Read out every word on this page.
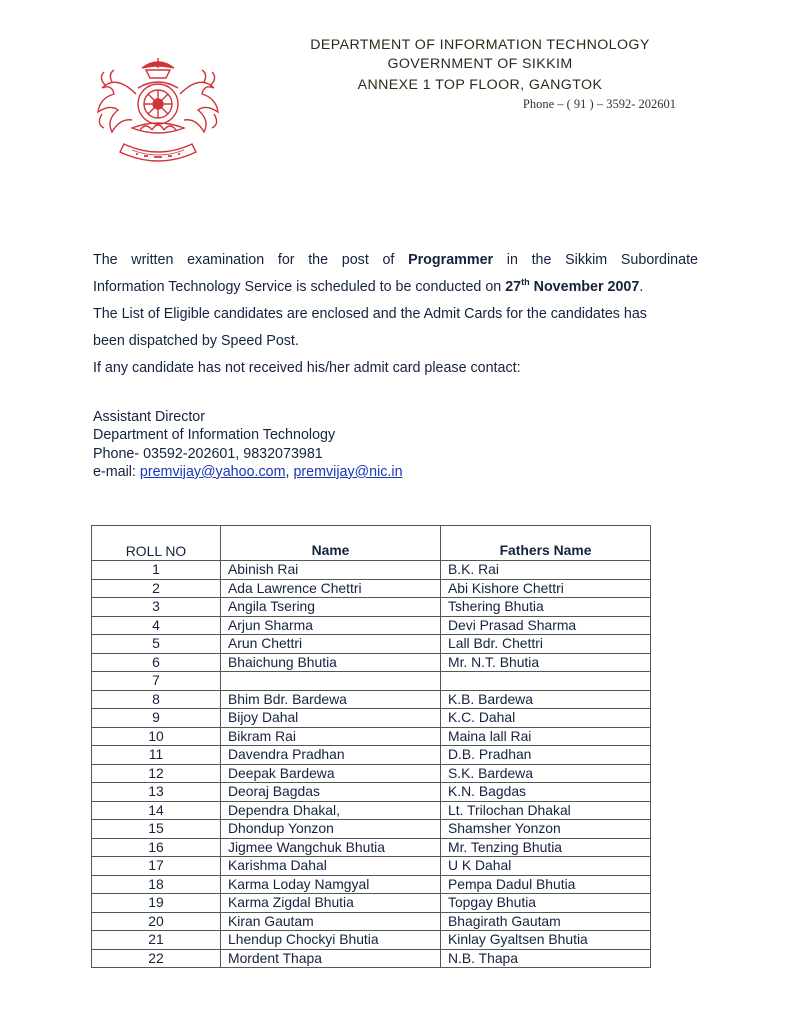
DEPARTMENT OF INFORMATION TECHNOLOGY
GOVERNMENT OF SIKKIM
ANNEXE 1 TOP FLOOR, GANGTOK
Phone – ( 91 ) – 3592- 202601

The written examination for the post of Programmer in the Sikkim Subordinate

Information Technology Service is scheduled to be conducted on 27th November 2007.

The List of Eligible candidates are enclosed and the Admit Cards for the candidates has

been dispatched by Speed Post.

If any candidate has not received his/her admit card please contact:

Assistant Director
Department of Information Technology
Phone- 03592-202601, 9832073981
e-mail: premvijay@yahoo.com, premvijay@nic.in
ROLL NO	Name	Fathers Name
1	Abinish Rai	B.K. Rai
2	Ada Lawrence Chettri	Abi Kishore Chettri
3	Angila Tsering	Tshering Bhutia
4	Arjun Sharma	Devi Prasad Sharma
5	Arun Chettri	Lall Bdr. Chettri
6	Bhaichung Bhutia	Mr. N.T. Bhutia
7		
8	Bhim Bdr. Bardewa	K.B. Bardewa
9	Bijoy Dahal	K.C. Dahal
10	Bikram Rai	Maina lall Rai
11	Davendra Pradhan	D.B. Pradhan
12	Deepak Bardewa	S.K. Bardewa
13	Deoraj Bagdas	K.N. Bagdas
14	Dependra Dhakal,	Lt. Trilochan Dhakal
15	Dhondup Yonzon	Shamsher Yonzon
16	Jigmee Wangchuk Bhutia	Mr. Tenzing Bhutia
17	Karishma Dahal	U K Dahal
18	Karma Loday Namgyal	Pempa Dadul Bhutia
19	Karma Zigdal Bhutia	Topgay Bhutia
20	Kiran Gautam	Bhagirath Gautam
21	Lhendup Chockyi Bhutia	Kinlay Gyaltsen Bhutia
22	Mordent Thapa	N.B. Thapa
